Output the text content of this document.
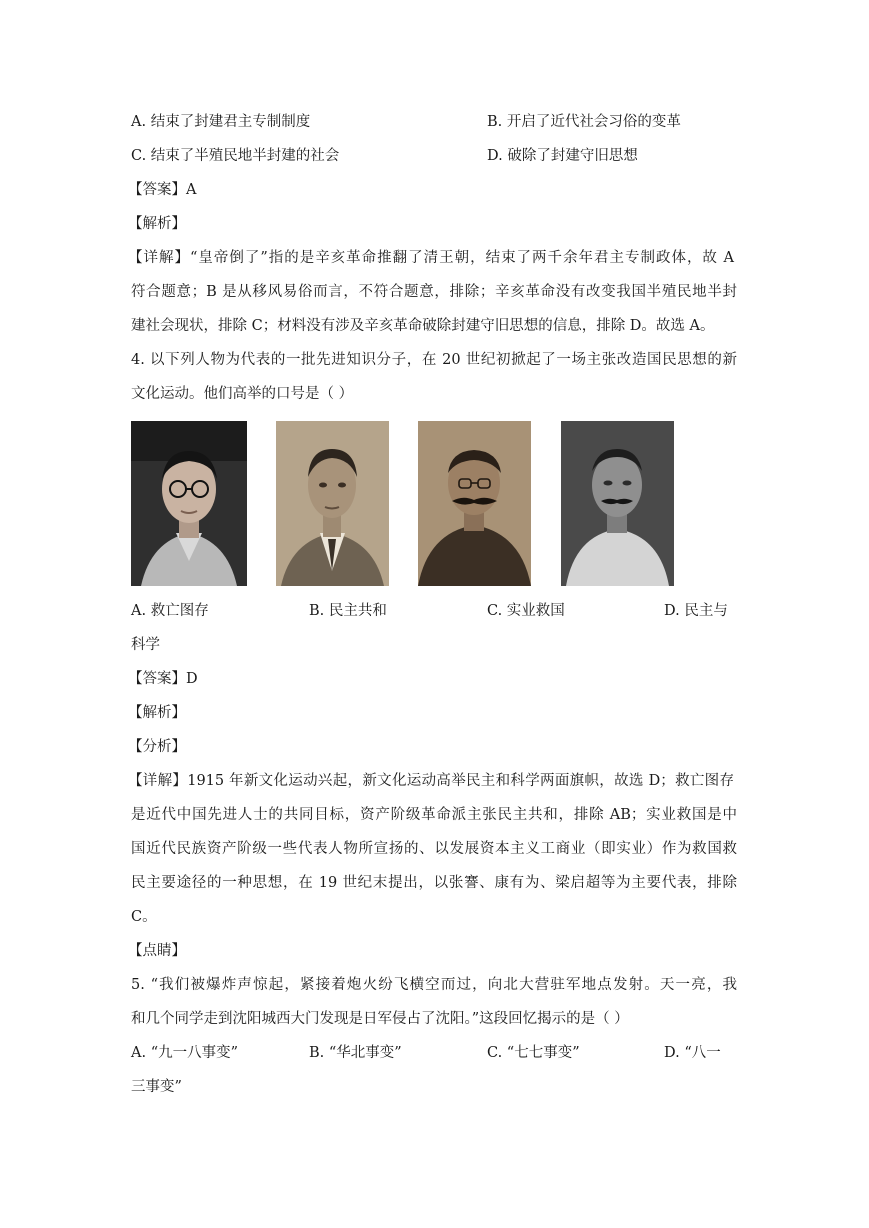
A. 结束了封建君主专制制度	B. 开启了近代社会习俗的变革
C. 结束了半殖民地半封建的社会	D. 破除了封建守旧思想
【答案】A
【解析】
【详解】“皇帝倒了”指的是辛亥革命推翻了清王朝，结束了两千余年君主专制政体，故 A
符合题意；B 是从移风易俗而言，不符合题意，排除；辛亥革命没有改变我国半殖民地半封
建社会现状，排除 C；材料没有涉及辛亥革命破除封建守旧思想的信息，排除 D。故选 A。
4. 以下列人物为代表的一批先进知识分子，在 20 世纪初掀起了一场主张改造国民思想的新
文化运动。他们高举的口号是（ ）
A. 救亡图存	B. 民主共和	C. 实业救国	D. 民主与
科学
【答案】D
【解析】
【分析】
【详解】1915 年新文化运动兴起，新文化运动高举民主和科学两面旗帜，故选 D；救亡图存
是近代中国先进人士的共同目标，资产阶级革命派主张民主共和，排除 AB；实业救国是中
国近代民族资产阶级一些代表人物所宣扬的、以发展资本主义工商业（即实业）作为救国救
民主要途径的一种思想，在 19 世纪末提出，以张謇、康有为、梁启超等为主要代表，排除
C。
【点睛】
5. “我们被爆炸声惊起，紧接着炮火纷飞横空而过，向北大营驻军地点发射。天一亮，我
和几个同学走到沈阳城西大门发现是日军侵占了沈阳。”这段回忆揭示的是（ ）
A. “九一八事变”	B. “华北事变”	C. “七七事变”	D. “八一
三事变”
